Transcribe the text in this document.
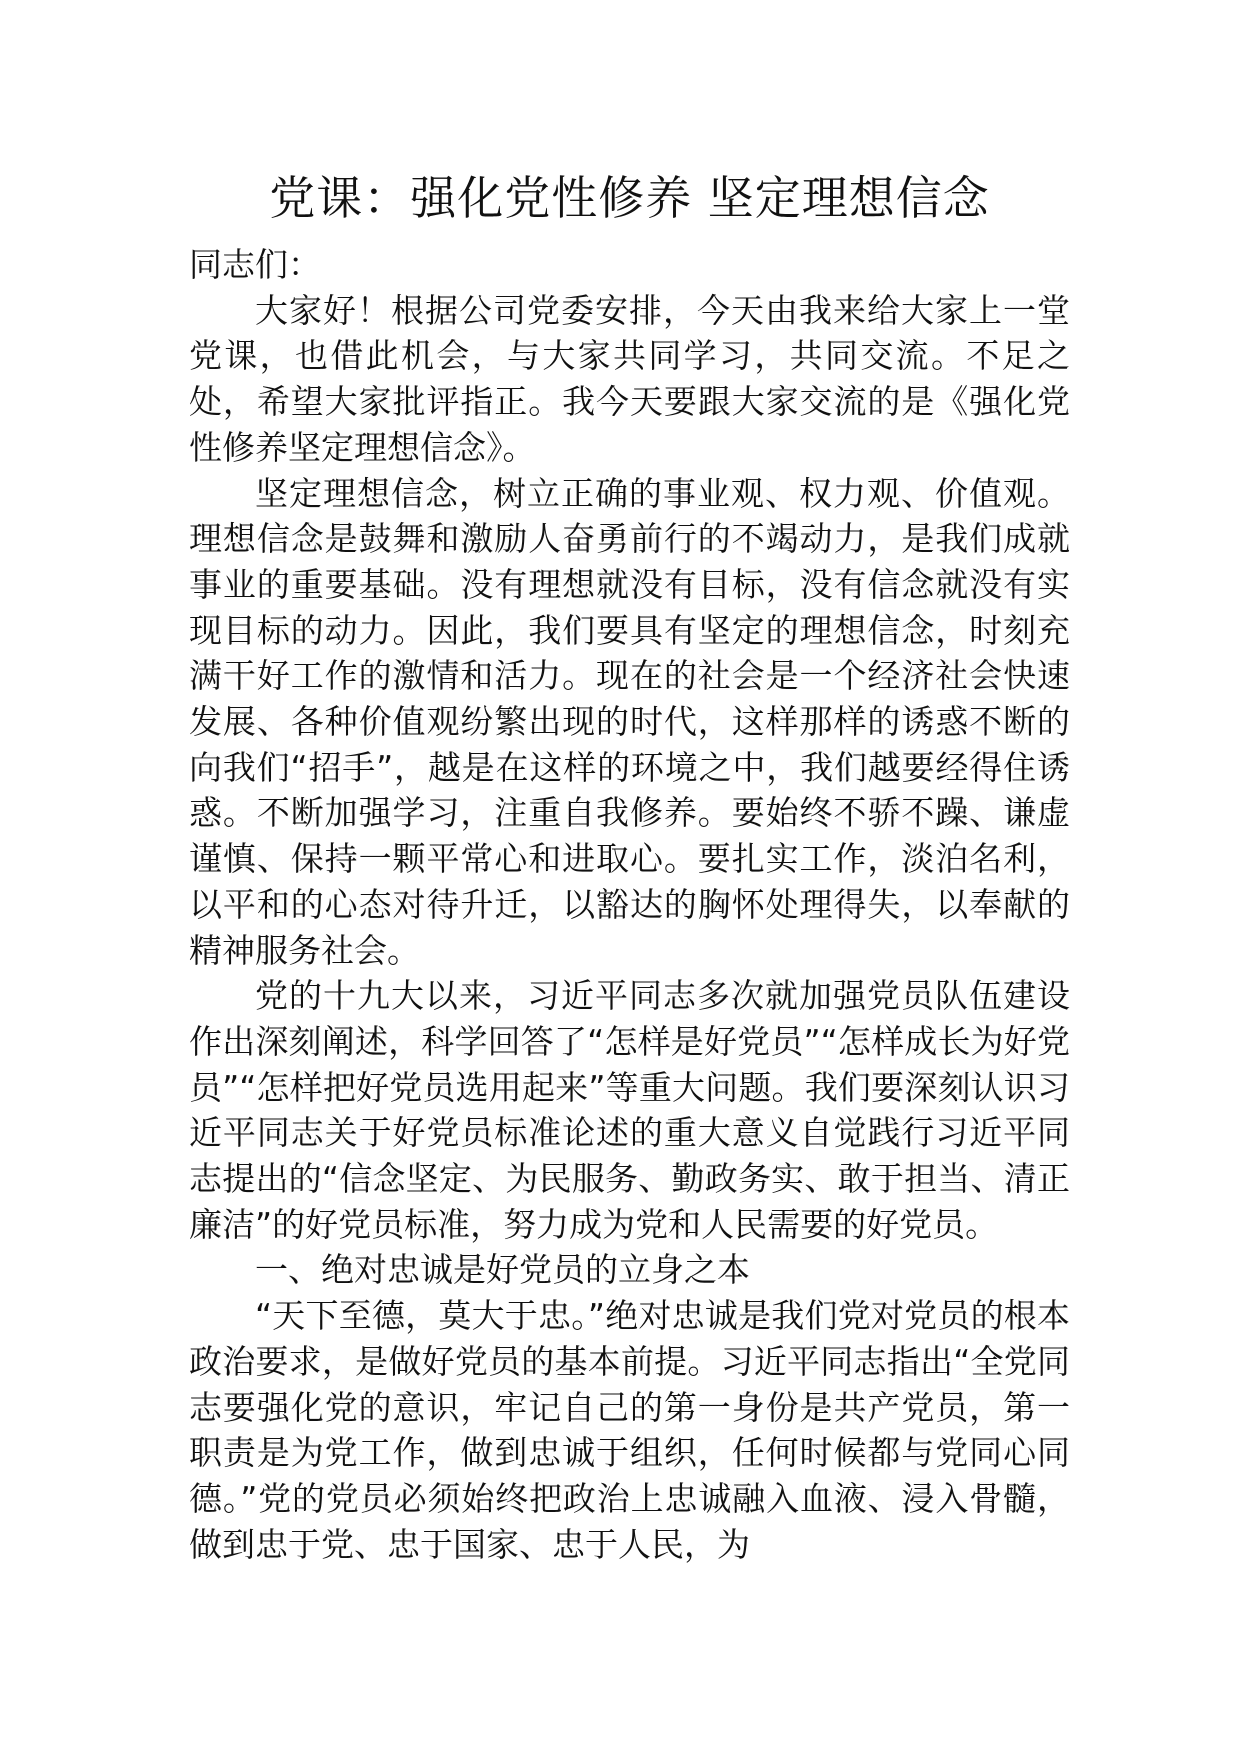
党课：强化党性修养 坚定理想信念

同志们：

大家好！根据公司党委安排，今天由我来给大家上一堂党课，也借此机会，与大家共同学习，共同交流。不足之处，希望大家批评指正。我今天要跟大家交流的是《强化党性修养坚定理想信念》。

坚定理想信念，树立正确的事业观、权力观、价值观。理想信念是鼓舞和激励人奋勇前行的不竭动力，是我们成就事业的重要基础。没有理想就没有目标，没有信念就没有实现目标的动力。因此，我们要具有坚定的理想信念，时刻充满干好工作的激情和活力。现在的社会是一个经济社会快速发展、各种价值观纷繁出现的时代，这样那样的诱惑不断的向我们“招手”，越是在这样的环境之中，我们越要经得住诱惑。不断加强学习，注重自我修养。要始终不骄不躁、谦虚谨慎、保持一颗平常心和进取心。要扎实工作，淡泊名利，以平和的心态对待升迁，以豁达的胸怀处理得失，以奉献的精神服务社会。

党的十九大以来，习近平同志多次就加强党员队伍建设作出深刻阐述，科学回答了“怎样是好党员”“怎样成长为好党员”“怎样把好党员选用起来”等重大问题。我们要深刻认识习近平同志关于好党员标准论述的重大意义自觉践行习近平同志提出的“信念坚定、为民服务、勤政务实、敢于担当、清正廉洁”的好党员标准，努力成为党和人民需要的好党员。

一、绝对忠诚是好党员的立身之本

“天下至德，莫大于忠。”绝对忠诚是我们党对党员的根本政治要求，是做好党员的基本前提。习近平同志指出“全党同志要强化党的意识，牢记自己的第一身份是共产党员，第一职责是为党工作，做到忠诚于组织，任何时候都与党同心同德。”党的党员必须始终把政治上忠诚融入血液、浸入骨髓，做到忠于党、忠于国家、忠于人民，为
